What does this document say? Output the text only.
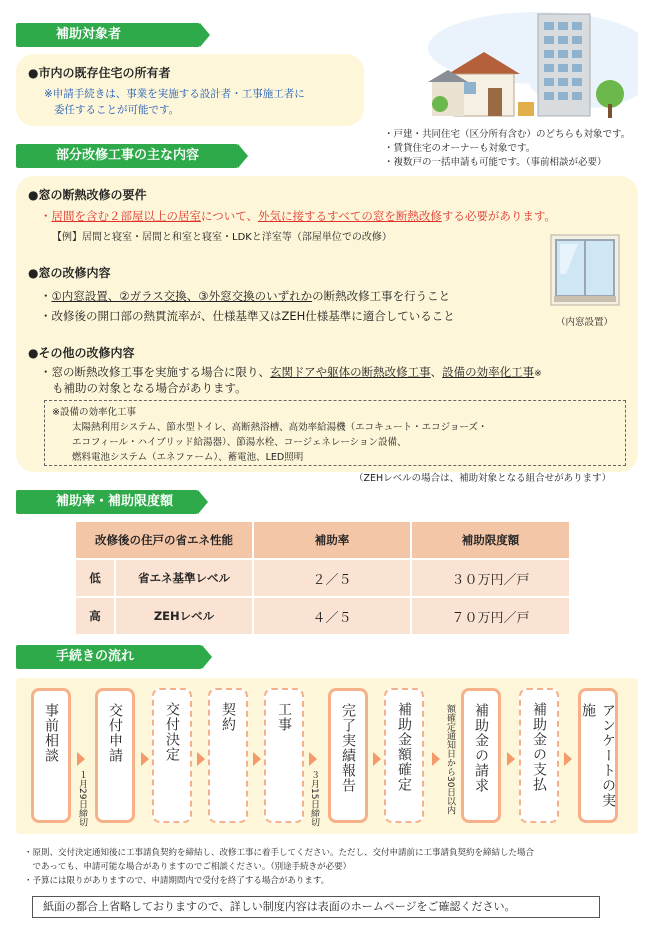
補助対象者
●市内の既存住宅の所有者
※申請手続きは、事業を実施する設計者・工事施工者に
委任することが可能です。
・戸建・共同住宅（区分所有含む）のどちらも対象です。
・賃貸住宅のオーナーも対象です。
・複数戸の一括申請も可能です。（事前相談が必要）
部分改修工事の主な内容
●窓の断熱改修の要件
・居間を含む２部屋以上の居室について、外気に接するすべての窓を断熱改修する必要があります。
【例】居間と寝室・居間と和室と寝室・LDKと洋室等（部屋単位での改修）
●窓の改修内容
・①内窓設置、②ガラス交換、③外窓交換のいずれかの断熱改修工事を行うこと
・改修後の開口部の熱貫流率が、仕様基準又はZEH仕様基準に適合していること	（内窓設置）
●その他の改修内容
・窓の断熱改修工事を実施する場合に限り、玄関ドアや躯体の断熱改修工事、設備の効率化工事※
も補助の対象となる場合があります。
※設備の効率化工事
太陽熱利用システム、節水型トイレ、高断熱浴槽、高効率給湯機（エコキュート・エコジョーズ・
エコフィール・ハイブリッド給湯器）、節湯水栓、コージェネレーション設備、
燃料電池システム（エネファーム）、蓄電池、LED照明
（ZEHレベルの場合は、補助対象となる組合せがあります）
補助率・補助限度額
改修後の住戸の省エネ性能		補助率	補助限度額
低	省エネ基準レベル	２／５	３０万円／戸
高	ZEHレベル	４／５	７０万円／戸
手続きの流れ
事前相談
１月29日締切
交付申請	交付決定	契約	工事
３月15日締切
完了実績報告	補助金額確定	額確定通知日から30日以内 補助金の請求	補助金の支払	アンケートの実施
・原則、交付決定通知後に工事請負契約を締結し、改修工事に着手してください。ただし、交付申請前に工事請負契約を締結した場合
　であっても、申請可能な場合がありますのでご相談ください。（別途手続きが必要）
・予算には限りがありますので、申請期間内で受付を終了する場合があります。
紙面の都合上省略しておりますので、詳しい制度内容は表面のホームページをご確認ください。
